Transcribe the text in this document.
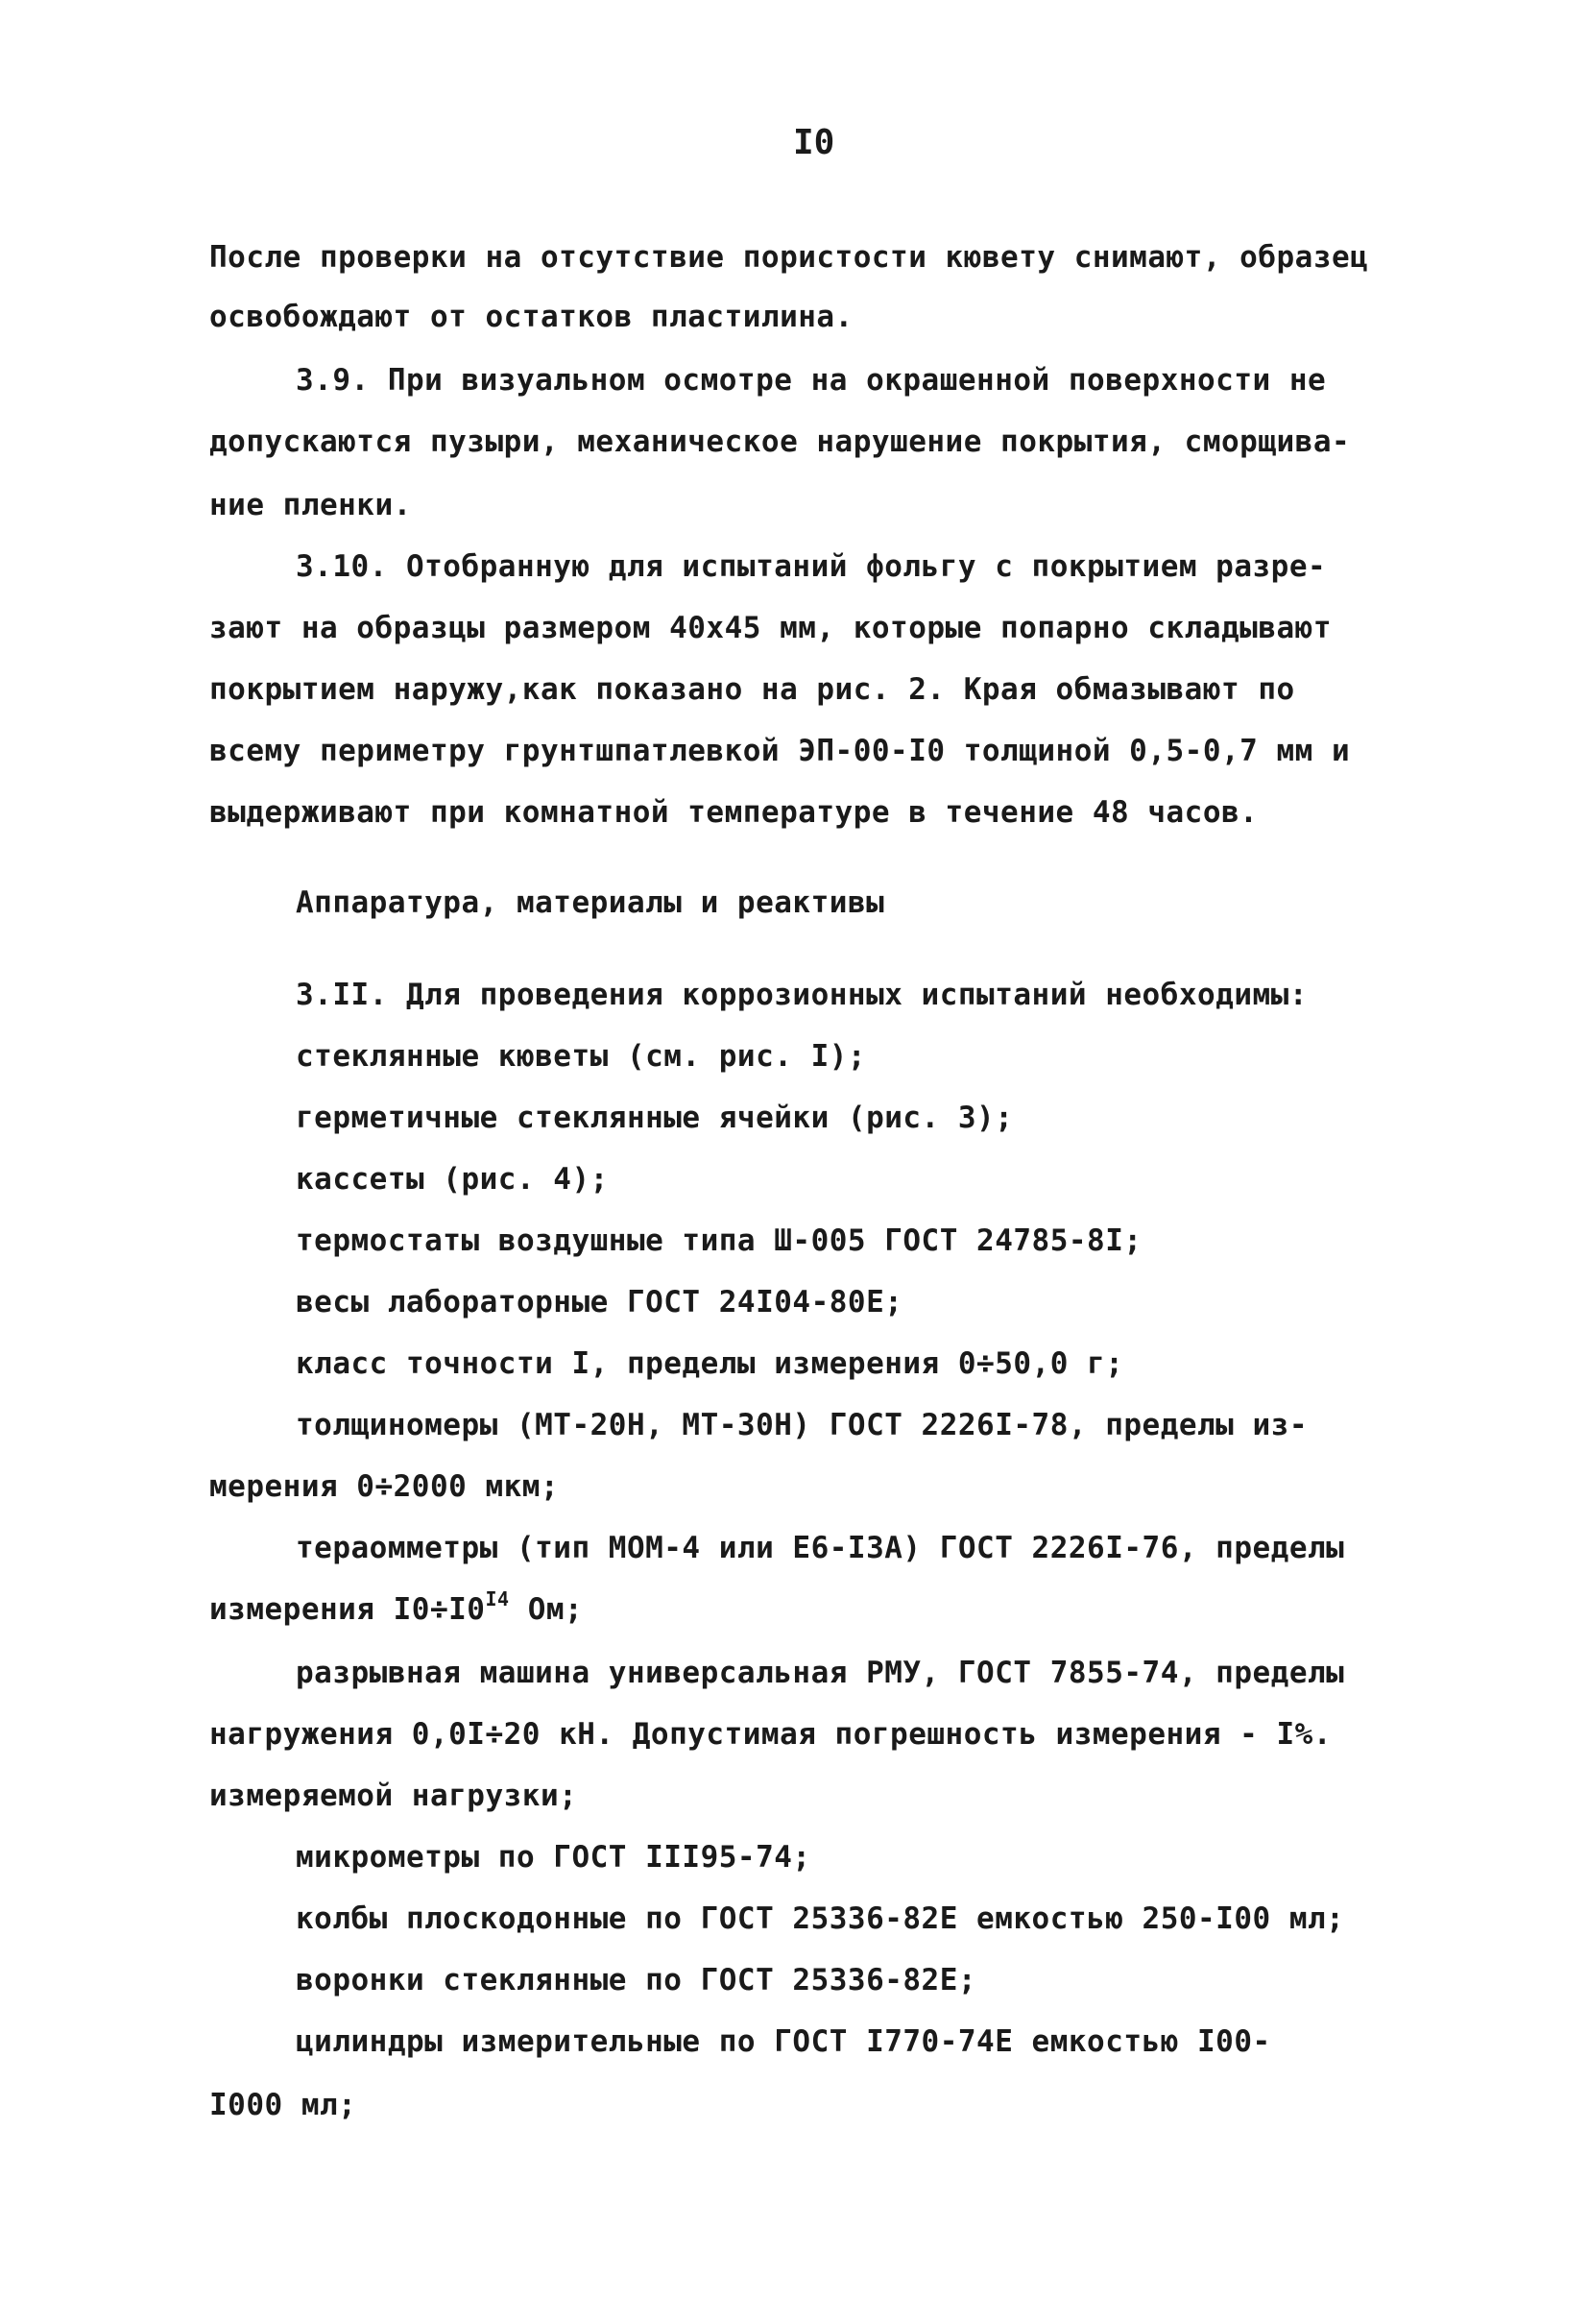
I0
После проверки на отсутствие пористости кювету снимают, образец
освобождают от остатков пластилина.
3.9. При визуальном осмотре на окрашенной поверхности не
допускаются пузыри, механическое нарушение покрытия, сморщива-
ние пленки.
3.10. Отобранную для испытаний фольгу с покрытием разре-
зают на образцы размером 40х45 мм, которые попарно складывают
покрытием наружу,как показано на рис. 2. Края обмазывают по
всему периметру грунтшпатлевкой ЭП-00-I0 толщиной 0,5-0,7 мм и
выдерживают при комнатной температуре в течение 48 часов.
Аппаратура, материалы и реактивы
3.II. Для проведения коррозионных испытаний необходимы:
стеклянные кюветы (см. рис. I);
герметичные стеклянные ячейки (рис. 3);
кассеты (рис. 4);
термостаты воздушные типа Ш-005 ГОСТ 24785-8I;
весы лабораторные ГОСТ 24I04-80Е;
класс точности I, пределы измерения 0÷50,0 г;
толщиномеры (МТ-20Н, МТ-30Н) ГОСТ 2226I-78, пределы из-
мерения 0÷2000 мкм;
тераомметры (тип МОМ-4 или Е6-I3А) ГОСТ 2226I-76, пределы
измерения $I0\div I0^{I4}$ Ом;
разрывная машина универсальная РМУ, ГОСТ 7855-74, пределы
нагружения 0,0I÷20 кН. Допустимая погрешность измерения - I%.
измеряемой нагрузки;
микрометры по ГОСТ III95-74;
колбы плоскодонные по ГОСТ 25336-82Е емкостью 250-I00 мл;
воронки стеклянные по ГОСТ 25336-82Е;
цилиндры измерительные по ГОСТ I770-74Е емкостью I00-
I000 мл;
